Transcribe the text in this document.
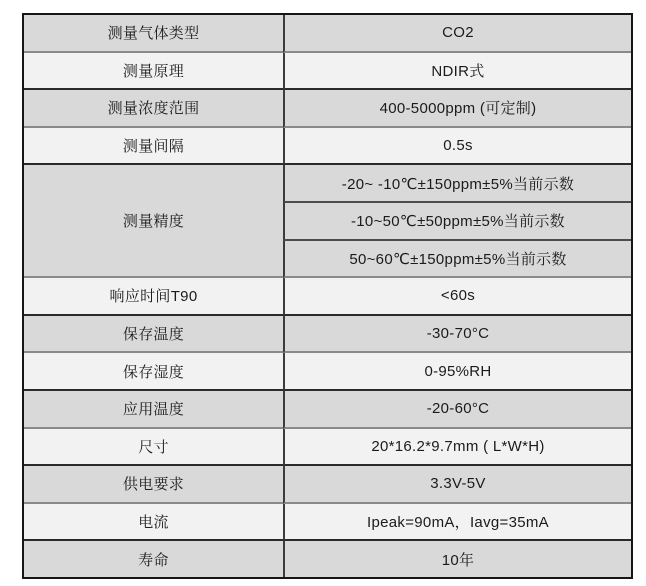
测量气体类型	CO2
测量原理	NDIR式
测量浓度范围	400-5000ppm (可定制)
测量间隔	0.5s
测量精度	-20~ -10℃±150ppm±5%当前示数
	-10~50℃±50ppm±5%当前示数
	50~60℃±150ppm±5%当前示数
响应时间T90	<60s
保存温度	-30-70°C
保存湿度	0-95%RH
应用温度	-20-60°C
尺寸	20*16.2*9.7mm ( L*W*H)
供电要求	3.3V-5V
电流	Ipeak=90mA，Iavg=35mA
寿命	10年
